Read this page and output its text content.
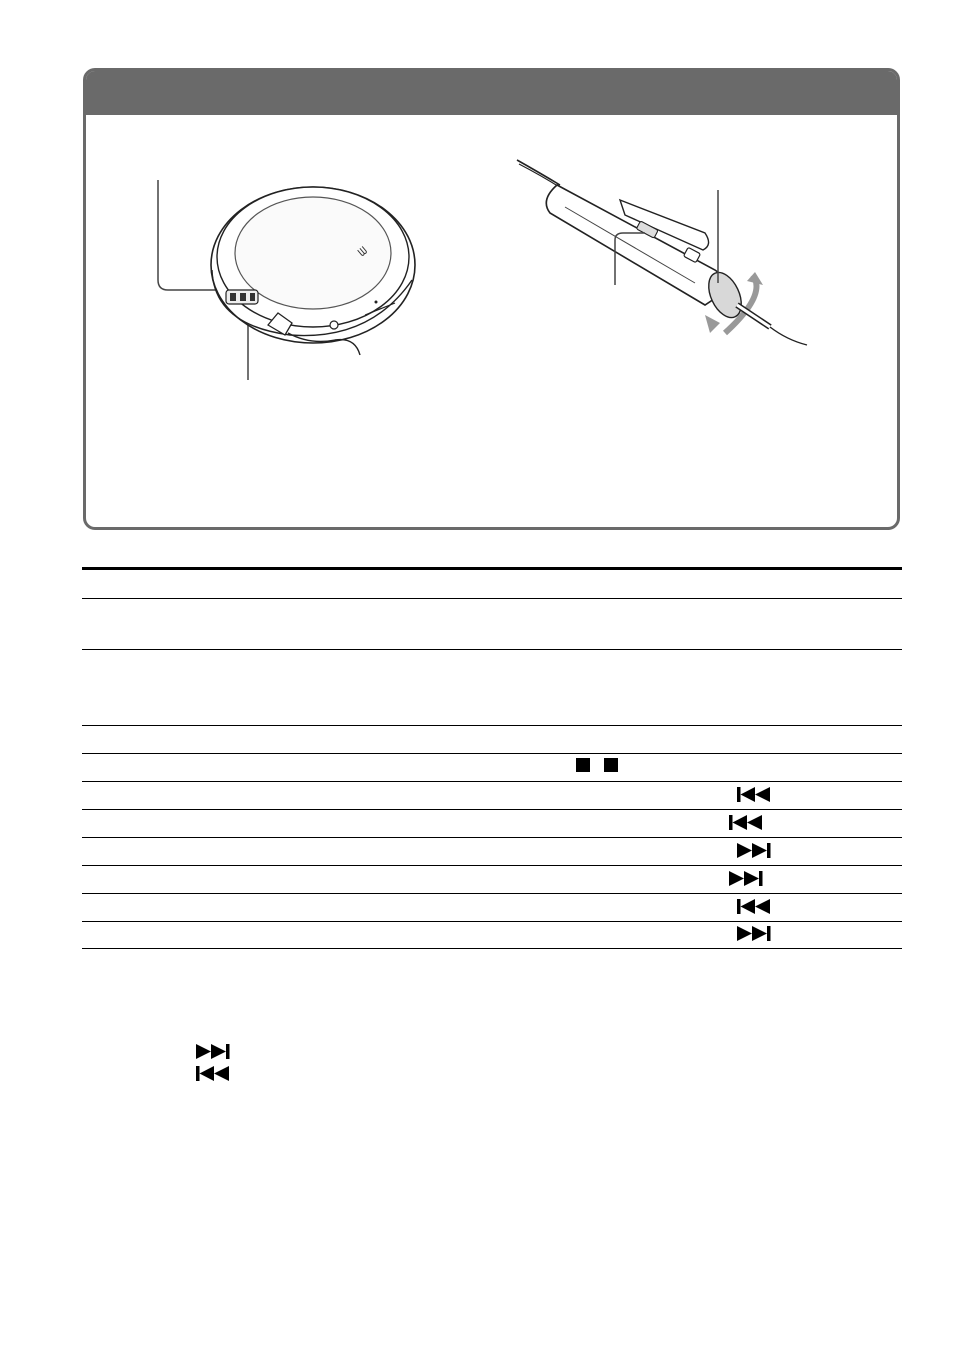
ᗯ
